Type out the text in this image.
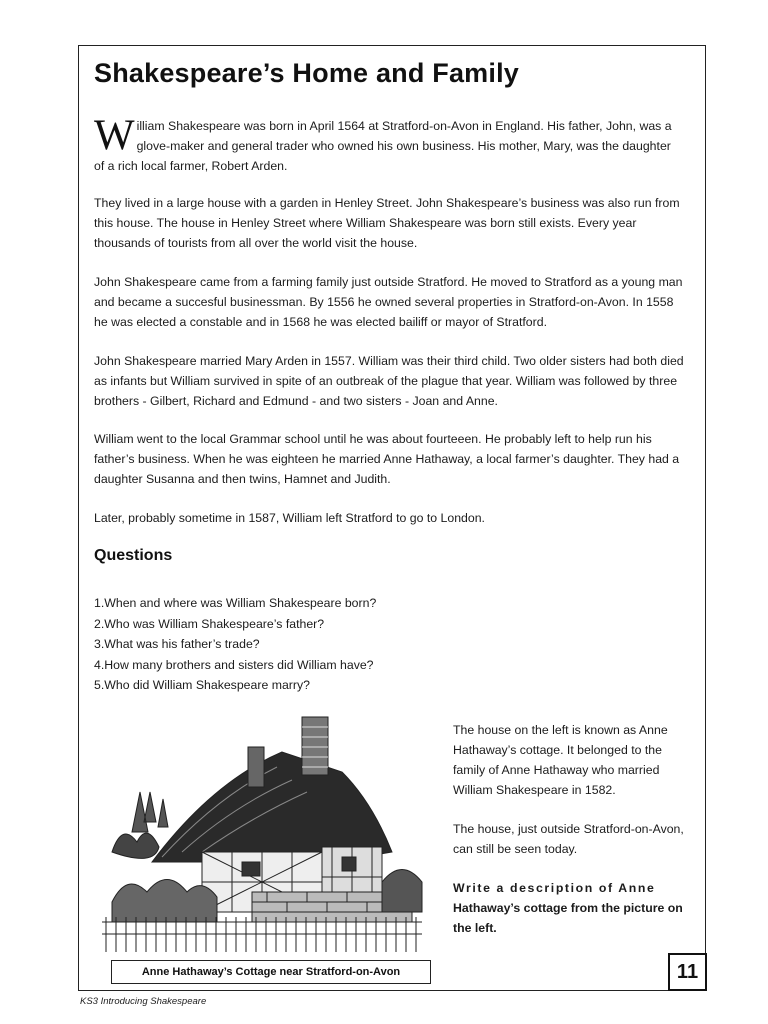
Shakespeare’s Home and Family

William Shakespeare was born in April 1564 at Stratford-on-Avon in England. His father, John, was a glove-maker and general trader who owned his own business. His mother, Mary, was the daughter of a rich local farmer, Robert Arden.

They lived in a large house with a garden in Henley Street. John Shakespeare’s business was also run from this house. The house in Henley Street where William Shakespeare was born still exists. Every year thousands of tourists from all over the world visit the house.

John Shakespeare came from a farming family just outside Stratford. He moved to Stratford as a young man and became a succesful businessman. By 1556 he owned several properties in Stratford-on-Avon. In 1558 he was elected a constable and in 1568 he was elected bailiff or mayor of Stratford.

John Shakespeare married Mary Arden in 1557. William was their third child. Two older sisters had both died as infants but William survived in spite of an outbreak of the plague that year. William was followed by three brothers - Gilbert, Richard and Edmund - and two sisters - Joan and Anne.

William went to the local Grammar school until he was about fourteeen. He probably left to help run his father’s business. When he was eighteen he married Anne Hathaway, a local farmer’s daughter. They had a daughter Susanna and then twins, Hamnet and Judith.

Later, probably sometime in 1587, William left Stratford to go to London.

Questions
1.When and where was William Shakespeare born?
2.Who was William Shakespeare’s father?
3.What was his father’s trade?
4.How many brothers and sisters did William have?
5.Who did William Shakespeare marry?
Anne Hathaway’s Cottage near Stratford-on-Avon

The house on the left is known as Anne Hathaway’s cottage. It belonged to the family of Anne Hathaway who married William Shakespeare in 1582.

The house, just outside Stratford-on-Avon, can still be seen today.

Write a description of Anne
Hathaway’s cottage from the picture on the left.

11

KS3 Introducing Shakespeare
